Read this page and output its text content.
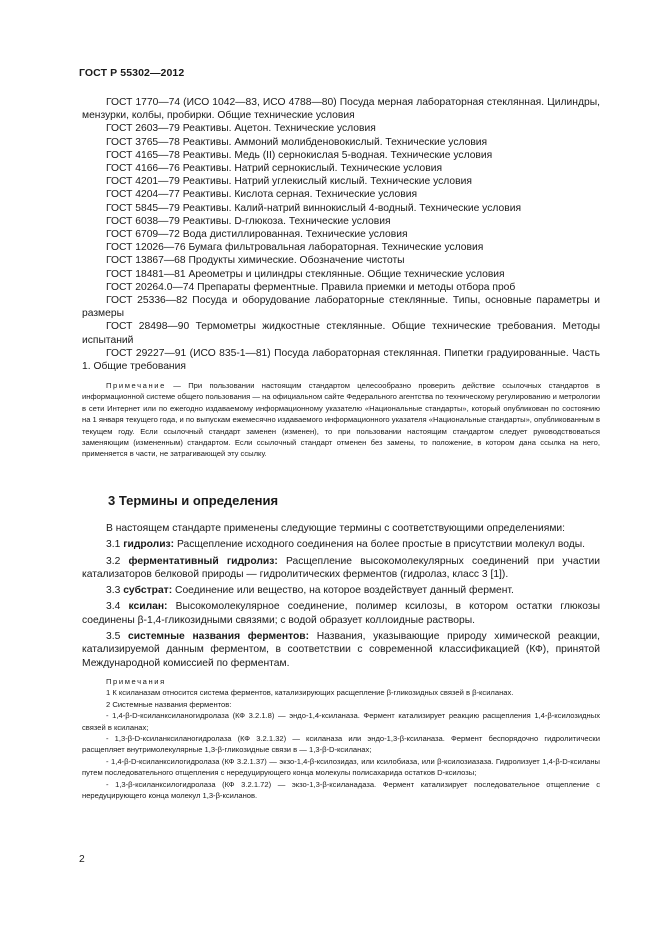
ГОСТ Р 55302—2012

ГОСТ 1770—74 (ИСО 1042—83, ИСО 4788—80) Посуда мерная лабораторная стеклянная. Цилиндры, мензурки, колбы, пробирки. Общие технические условия

ГОСТ 2603—79 Реактивы. Ацетон. Технические условия

ГОСТ 3765—78 Реактивы. Аммоний молибденовокислый. Технические условия

ГОСТ 4165—78 Реактивы. Медь (II) сернокислая 5-водная. Технические условия

ГОСТ 4166—76 Реактивы. Натрий сернокислый. Технические условия

ГОСТ 4201—79 Реактивы. Натрий углекислый кислый. Технические условия

ГОСТ 4204—77 Реактивы. Кислота серная. Технические условия

ГОСТ 5845—79 Реактивы. Калий-натрий виннокислый 4-водный. Технические условия

ГОСТ 6038—79 Реактивы. D-глюкоза. Технические условия

ГОСТ 6709—72 Вода дистиллированная. Технические условия

ГОСТ 12026—76 Бумага фильтровальная лабораторная. Технические условия

ГОСТ 13867—68 Продукты химические. Обозначение чистоты

ГОСТ 18481—81 Ареометры и цилиндры стеклянные. Общие технические условия

ГОСТ 20264.0—74 Препараты ферментные. Правила приемки и методы отбора проб

ГОСТ 25336—82 Посуда и оборудование лабораторные стеклянные. Типы, основные параметры и размеры

ГОСТ 28498—90 Термометры жидкостные стеклянные. Общие технические требования. Методы испытаний

ГОСТ 29227—91 (ИСО 835-1—81) Посуда лабораторная стеклянная. Пипетки градуированные. Часть 1. Общие требования

Примечание — При пользовании настоящим стандартом целесообразно проверить действие ссылочных стандартов в информационной системе общего пользования — на официальном сайте Федерального агентства по техническому регулированию и метрологии в сети Интернет или по ежегодно издаваемому информационному указателю «Национальные стандарты», который опубликован по состоянию на 1 января текущего года, и по выпускам ежемесячно издаваемого информационного указателя «Национальные стандарты», опубликованным в текущем году. Если ссылочный стандарт заменен (изменен), то при пользовании настоящим стандартом следует руководствоваться заменяющим (измененным) стандартом. Если ссылочный стандарт отменен без замены, то положение, в котором дана ссылка на него, применяется в части, не затрагивающей эту ссылку.

3 Термины и определения

В настоящем стандарте применены следующие термины с соответствующими определениями:

3.1 гидролиз: Расщепление исходного соединения на более простые в присутствии молекул воды.

3.2 ферментативный гидролиз: Расщепление высокомолекулярных соединений при участии катализаторов белковой природы — гидролитических ферментов (гидролаз, класс 3 [1]).

3.3 субстрат: Соединение или вещество, на которое воздействует данный фермент.

3.4 ксилан: Высокомолекулярное соединение, полимер ксилозы, в котором остатки глюкозы соединены β-1,4-гликозидными связями; с водой образует коллоидные растворы.

3.5 системные названия ферментов: Названия, указывающие природу химической реакции, катализируемой данным ферментом, в соответствии с современной классификацией (КФ), принятой Международной комиссией по ферментам.

Примечания

1 К ксиланазам относится система ферментов, катализирующих расщепление β-гликозидных связей в β-ксиланах.

2 Системные названия ферментов:

- 1,4-β-D-ксиланксиланогидролаза (КФ 3.2.1.8) — эндо-1,4-ксиланаза. Фермент катализирует реакцию расщепления 1,4-β-ксилозидных связей в ксиланах;

- 1,3-β-D-ксиланксиланогидролаза (КФ 3.2.1.32) — ксиланаза или эндо-1,3-β-ксиланаза. Фермент беспорядочно гидролитически расщепляет внутримолекулярные 1,3-β-гликозидные связи в — 1,3-β-D-ксиланах;

- 1,4-β-D-ксиланксилогидролаза (КФ 3.2.1.37) — экзо-1,4-β-ксилозидаз, или ксилобиаза, или β-ксилозиазаза. Гидролизует 1,4-β-D-ксиланы путем последовательного отщепления с нередуцирующего конца молекулы полисахарида остатков D-ксилозы;

- 1,3-β-ксиланксилогидролаза (КФ 3.2.1.72) — экзо-1,3-β-ксиланадаза. Фермент катализирует последовательное отщепление с нередуцирующего конца молекул 1,3-β-ксиланов.

2
